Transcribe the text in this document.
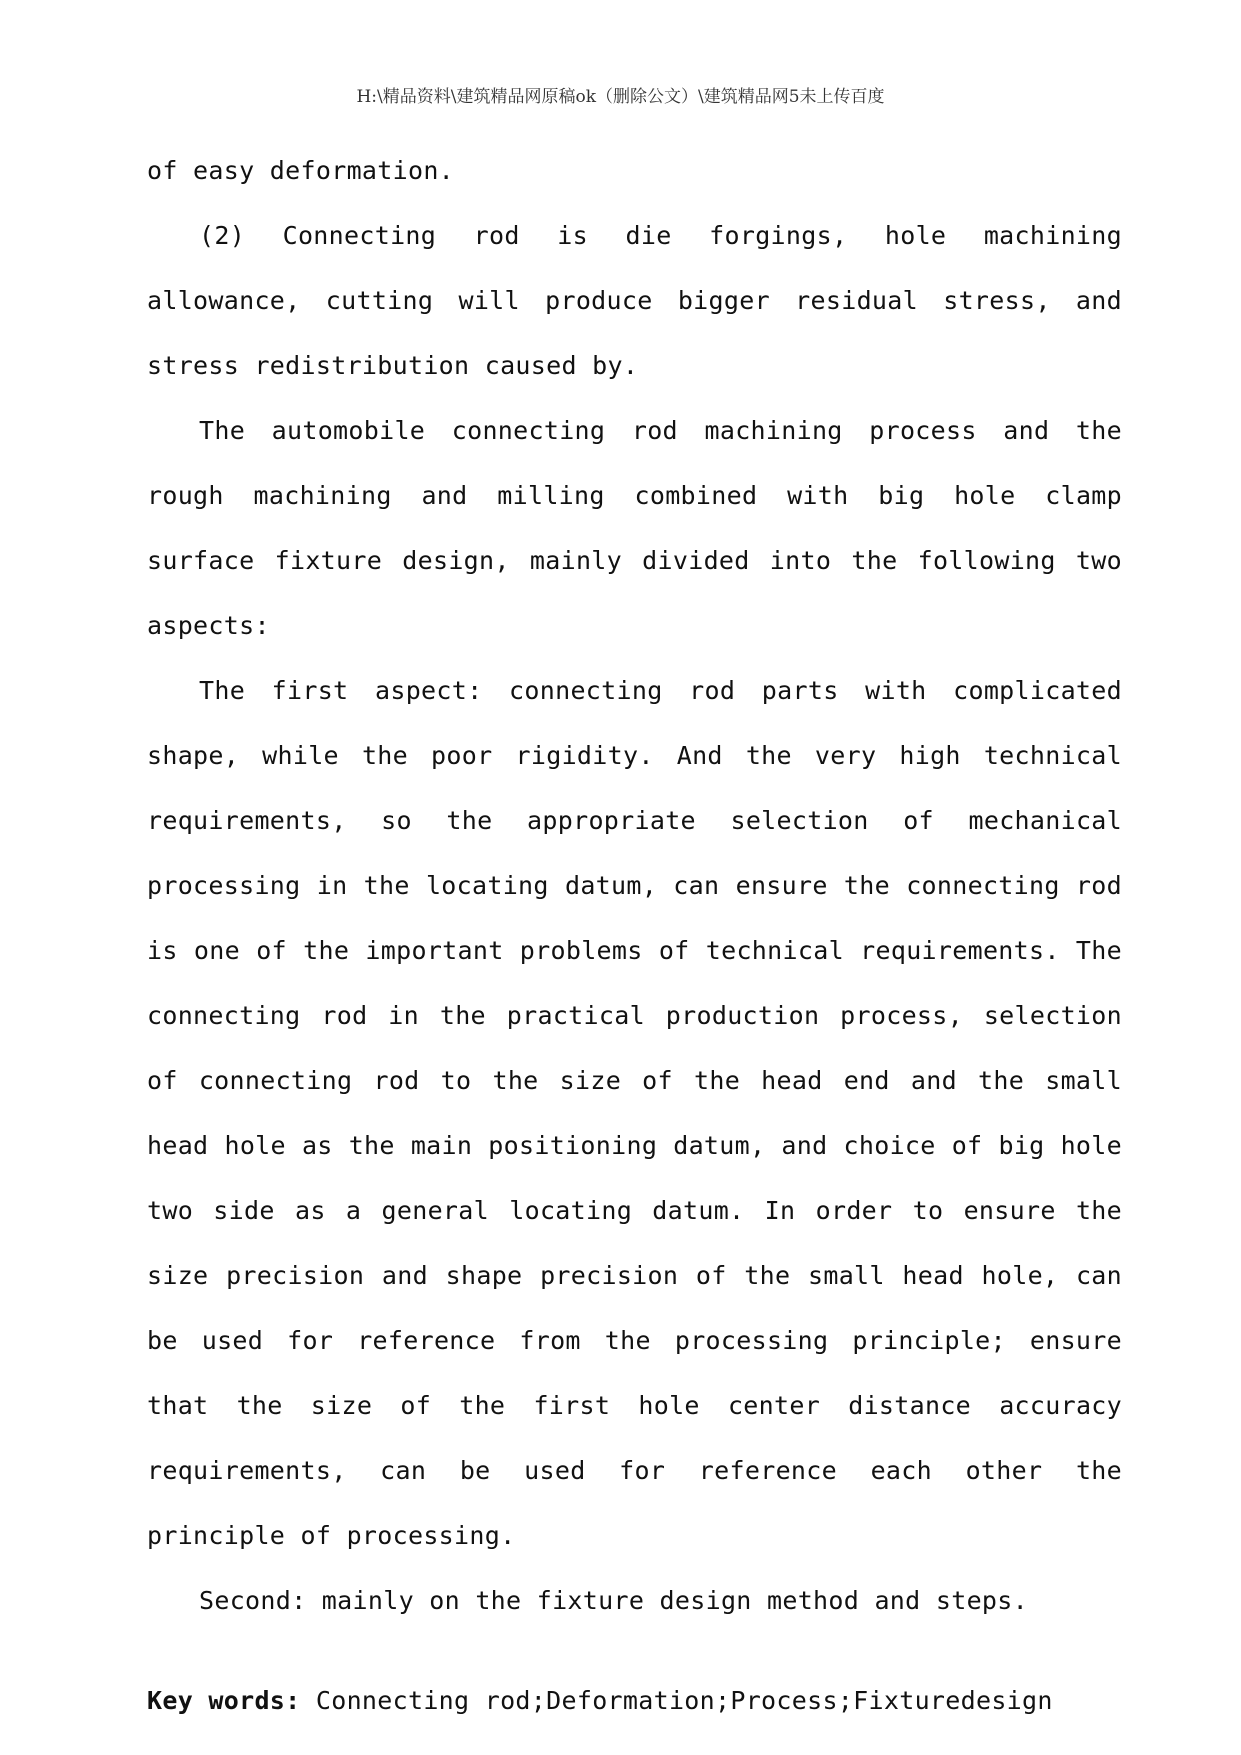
H:\精品资料\建筑精品网原稿ok（删除公文）\建筑精品网5未上传百度

of easy deformation.

(2) Connecting rod is die forgings, hole machining allowance, cutting will produce bigger residual stress, and stress redistribution caused by.

The automobile connecting rod machining process and the rough machining and milling combined with big hole clamp surface fixture design, mainly divided into the following two aspects:

The first aspect: connecting rod parts with complicated shape, while the poor rigidity. And the very high technical requirements, so the appropriate selection of mechanical processing in the locating datum, can ensure the connecting rod is one of the important problems of technical requirements. The connecting rod in the practical production process, selection of connecting rod to the size of the head end and the small head hole as the main positioning datum, and choice of big hole two side as a general locating datum. In order to ensure the size precision and shape precision of the small head hole, can be used for reference from the processing principle; ensure that the size of the first hole center distance accuracy requirements, can be used for reference each other the principle of processing.

Second: mainly on the fixture design method and steps.

Key words: Connecting rod;Deformation;Process;Fixturedesign
